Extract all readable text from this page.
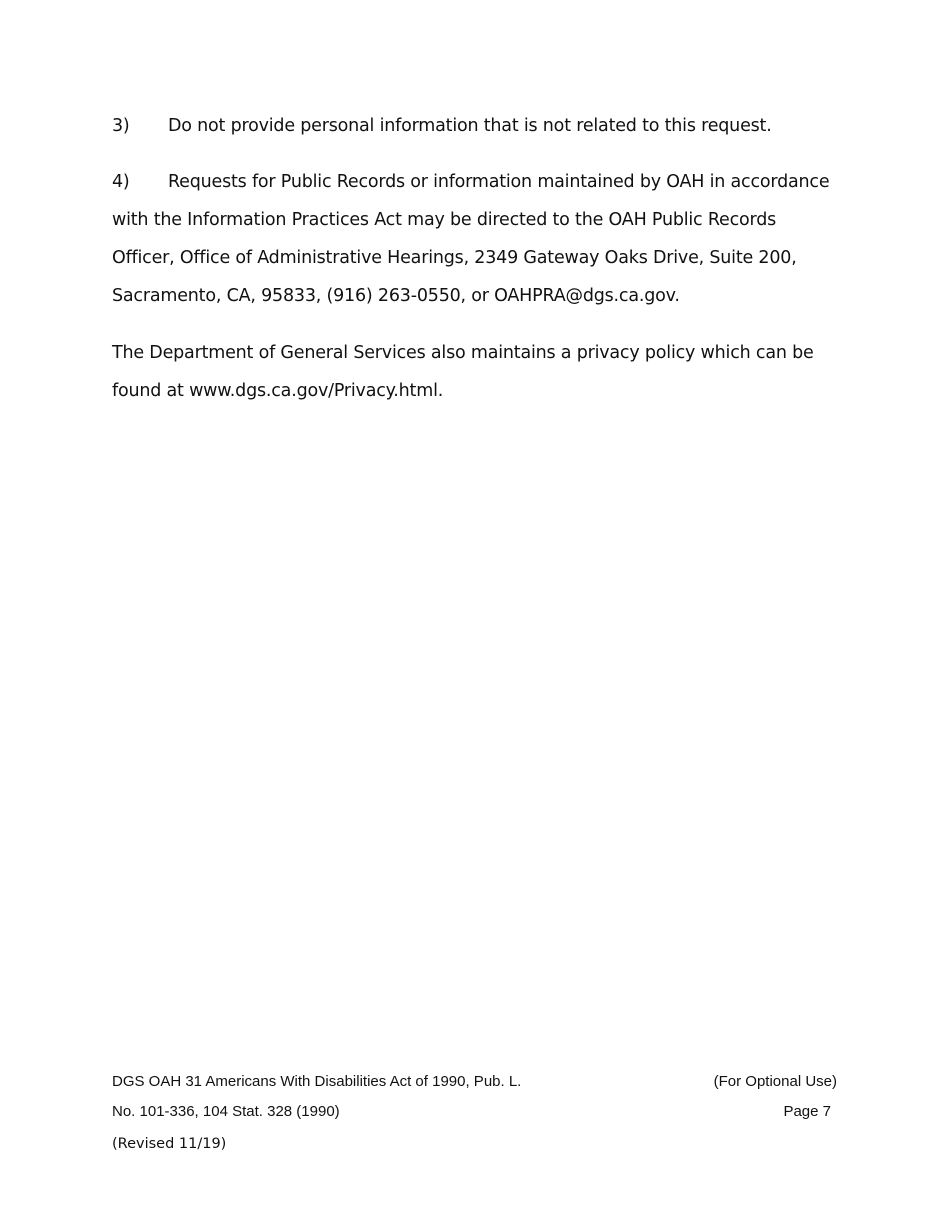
3) Do not provide personal information that is not related to this request.

4) Requests for Public Records or information maintained by OAH in accordance with the Information Practices Act may be directed to the OAH Public Records Officer, Office of Administrative Hearings, 2349 Gateway Oaks Drive, Suite 200, Sacramento, CA, 95833, (916) 263-0550, or OAHPRA@dgs.ca.gov.

The Department of General Services also maintains a privacy policy which can be found at www.dgs.ca.gov/Privacy.html.

DGS OAH 31 Americans With Disabilities Act of 1990, Pub. L.

No. 101-336, 104 Stat. 328 (1990)

(For Optional Use)

Page 7

(Revised 11/19)
